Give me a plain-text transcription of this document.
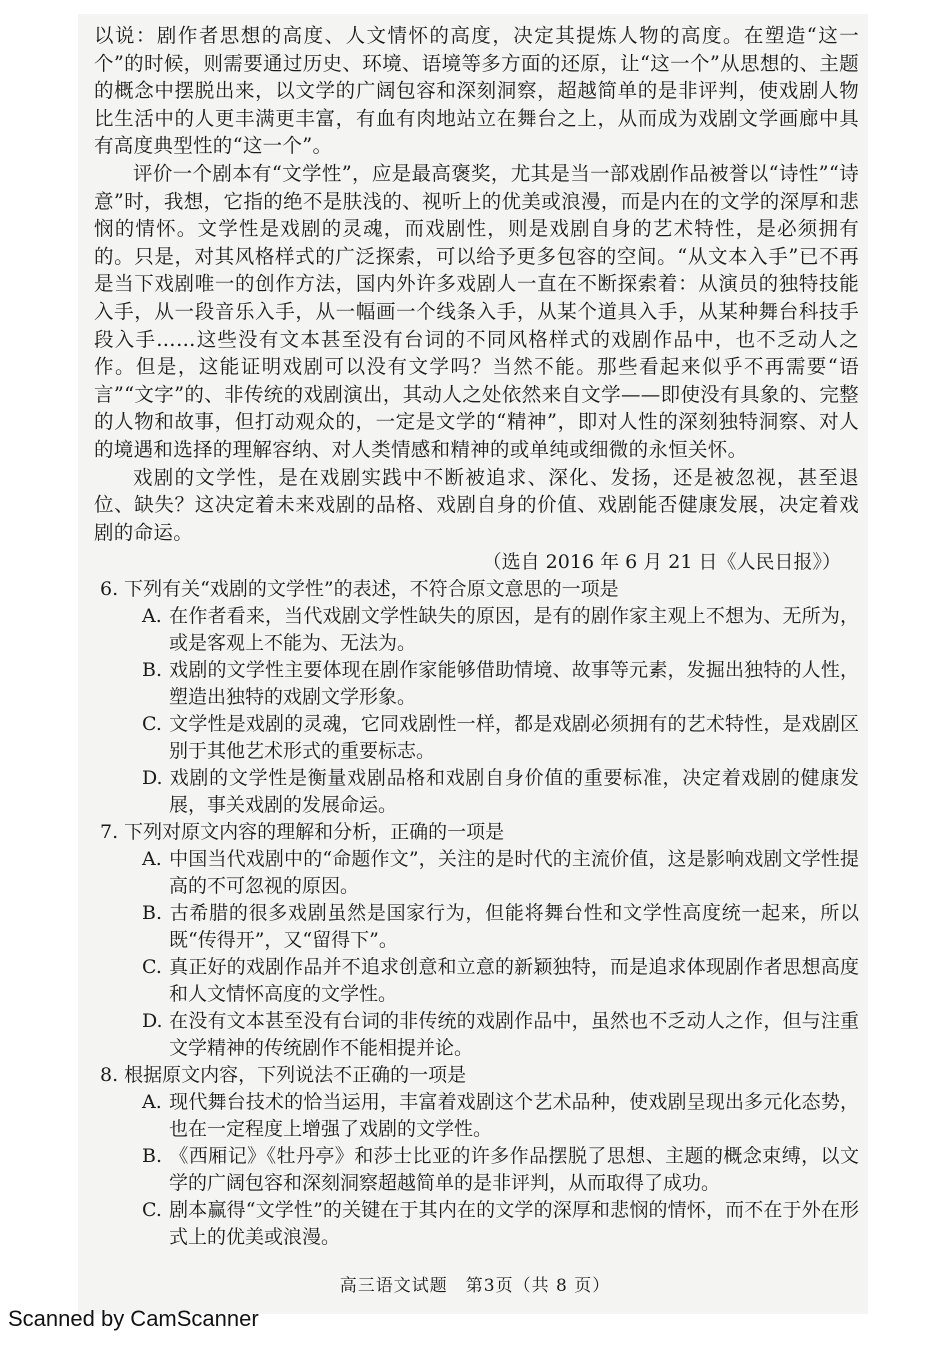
以说：剧作者思想的高度、人文情怀的高度，决定其提炼人物的高度。在塑造“这一个”的时候，则需要通过历史、环境、语境等多方面的还原，让“这一个”从思想的、主题的概念中摆脱出来，以文学的广阔包容和深刻洞察，超越简单的是非评判，使戏剧人物比生活中的人更丰满更丰富，有血有肉地站立在舞台之上，从而成为戏剧文学画廊中具有高度典型性的“这一个”。

评价一个剧本有“文学性”，应是最高褒奖，尤其是当一部戏剧作品被誉以“诗性”“诗意”时，我想，它指的绝不是肤浅的、视听上的优美或浪漫，而是内在的文学的深厚和悲悯的情怀。文学性是戏剧的灵魂，而戏剧性，则是戏剧自身的艺术特性，是必须拥有的。只是，对其风格样式的广泛探索，可以给予更多包容的空间。“从文本入手”已不再是当下戏剧唯一的创作方法，国内外许多戏剧人一直在不断探索着：从演员的独特技能入手，从一段音乐入手，从一幅画一个线条入手，从某个道具入手，从某种舞台科技手段入手……这些没有文本甚至没有台词的不同风格样式的戏剧作品中，也不乏动人之作。但是，这能证明戏剧可以没有文学吗？当然不能。那些看起来似乎不再需要“语言”“文字”的、非传统的戏剧演出，其动人之处依然来自文学——即使没有具象的、完整的人物和故事，但打动观众的，一定是文学的“精神”，即对人性的深刻独特洞察、对人的境遇和选择的理解容纳、对人类情感和精神的或单纯或细微的永恒关怀。

戏剧的文学性，是在戏剧实践中不断被追求、深化、发扬，还是被忽视，甚至退位、缺失？这决定着未来戏剧的品格、戏剧自身的价值、戏剧能否健康发展，决定着戏剧的命运。

（选自 2016 年 6 月 21 日《人民日报》）

6. 下列有关“戏剧的文学性”的表述，不符合原文意思的一项是

A. 在作者看来，当代戏剧文学性缺失的原因，是有的剧作家主观上不想为、无所为，或是客观上不能为、无法为。

B. 戏剧的文学性主要体现在剧作家能够借助情境、故事等元素，发掘出独特的人性，塑造出独特的戏剧文学形象。

C. 文学性是戏剧的灵魂，它同戏剧性一样，都是戏剧必须拥有的艺术特性，是戏剧区别于其他艺术形式的重要标志。

D. 戏剧的文学性是衡量戏剧品格和戏剧自身价值的重要标准，决定着戏剧的健康发展，事关戏剧的发展命运。

7. 下列对原文内容的理解和分析，正确的一项是

A. 中国当代戏剧中的“命题作文”，关注的是时代的主流价值，这是影响戏剧文学性提高的不可忽视的原因。

B. 古希腊的很多戏剧虽然是国家行为，但能将舞台性和文学性高度统一起来，所以既“传得开”，又“留得下”。

C. 真正好的戏剧作品并不追求创意和立意的新颖独特，而是追求体现剧作者思想高度和人文情怀高度的文学性。

D. 在没有文本甚至没有台词的非传统的戏剧作品中，虽然也不乏动人之作，但与注重文学精神的传统剧作不能相提并论。

8. 根据原文内容，下列说法不正确的一项是

A. 现代舞台技术的恰当运用，丰富着戏剧这个艺术品种，使戏剧呈现出多元化态势，也在一定程度上增强了戏剧的文学性。

B. 《西厢记》《牡丹亭》和莎士比亚的许多作品摆脱了思想、主题的概念束缚，以文学的广阔包容和深刻洞察超越简单的是非评判，从而取得了成功。

C. 剧本赢得“文学性”的关键在于其内在的文学的深厚和悲悯的情怀，而不在于外在形式上的优美或浪漫。

高三语文试题　第3页（共 8 页）
Scanned by CamScanner
